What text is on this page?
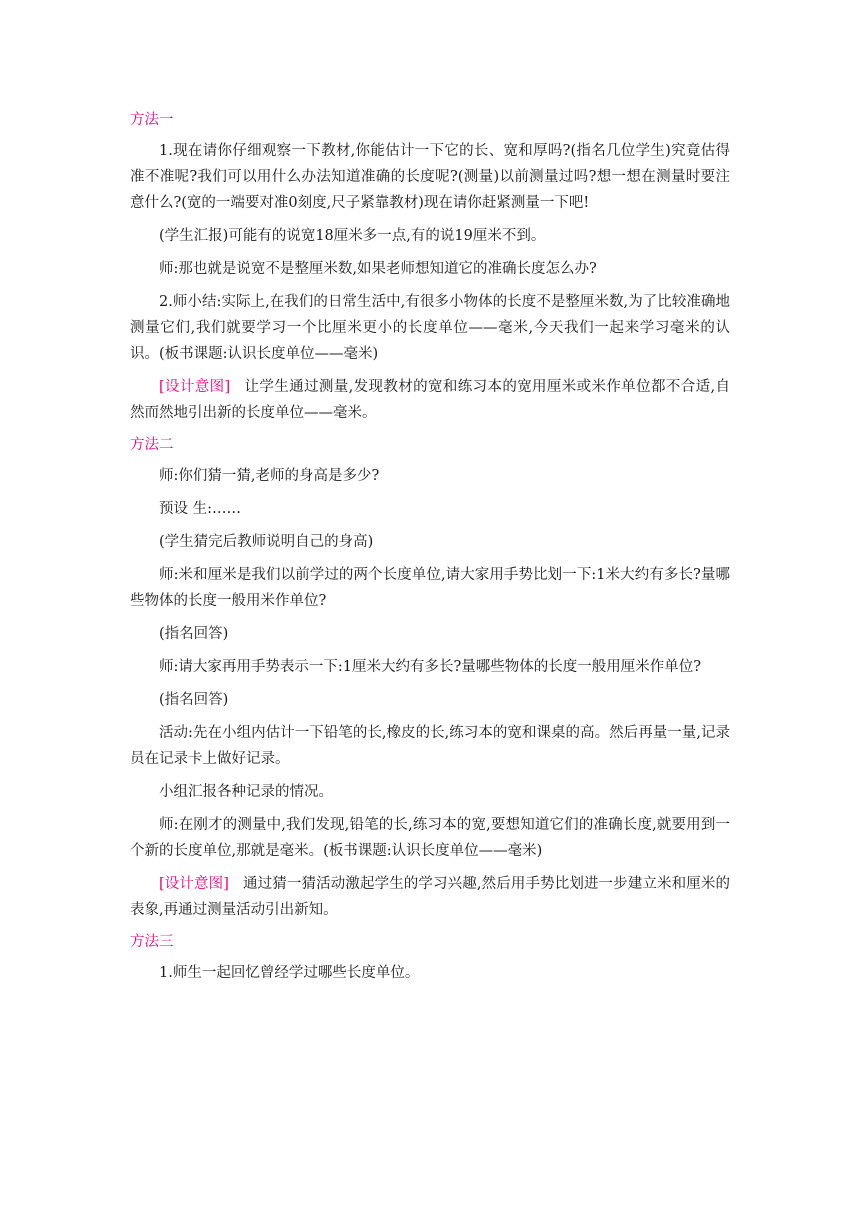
方法一

1.现在请你仔细观察一下教材,你能估计一下它的长、宽和厚吗?(指名几位学生)究竟估得准不准呢?我们可以用什么办法知道准确的长度呢?(测量)以前测量过吗?想一想在测量时要注意什么?(宽的一端要对准0刻度,尺子紧靠教材)现在请你赶紧测量一下吧!

(学生汇报)可能有的说宽18厘米多一点,有的说19厘米不到。

师:那也就是说宽不是整厘米数,如果老师想知道它的准确长度怎么办?

2.师小结:实际上,在我们的日常生活中,有很多小物体的长度不是整厘米数,为了比较准确地测量它们,我们就要学习一个比厘米更小的长度单位——毫米,今天我们一起来学习毫米的认识。(板书课题:认识长度单位——毫米)

[设计意图] 让学生通过测量,发现教材的宽和练习本的宽用厘米或米作单位都不合适,自然而然地引出新的长度单位——毫米。

方法二

师:你们猜一猜,老师的身高是多少?

预设 生:……

(学生猜完后教师说明自己的身高)

师:米和厘米是我们以前学过的两个长度单位,请大家用手势比划一下:1米大约有多长?量哪些物体的长度一般用米作单位?

(指名回答)

师:请大家再用手势表示一下:1厘米大约有多长?量哪些物体的长度一般用厘米作单位?

(指名回答)

活动:先在小组内估计一下铅笔的长,橡皮的长,练习本的宽和课桌的高。然后再量一量,记录员在记录卡上做好记录。

小组汇报各种记录的情况。

师:在刚才的测量中,我们发现,铅笔的长,练习本的宽,要想知道它们的准确长度,就要用到一个新的长度单位,那就是毫米。(板书课题:认识长度单位——毫米)

[设计意图] 通过猜一猜活动激起学生的学习兴趣,然后用手势比划进一步建立米和厘米的表象,再通过测量活动引出新知。

方法三

1.师生一起回忆曾经学过哪些长度单位。
